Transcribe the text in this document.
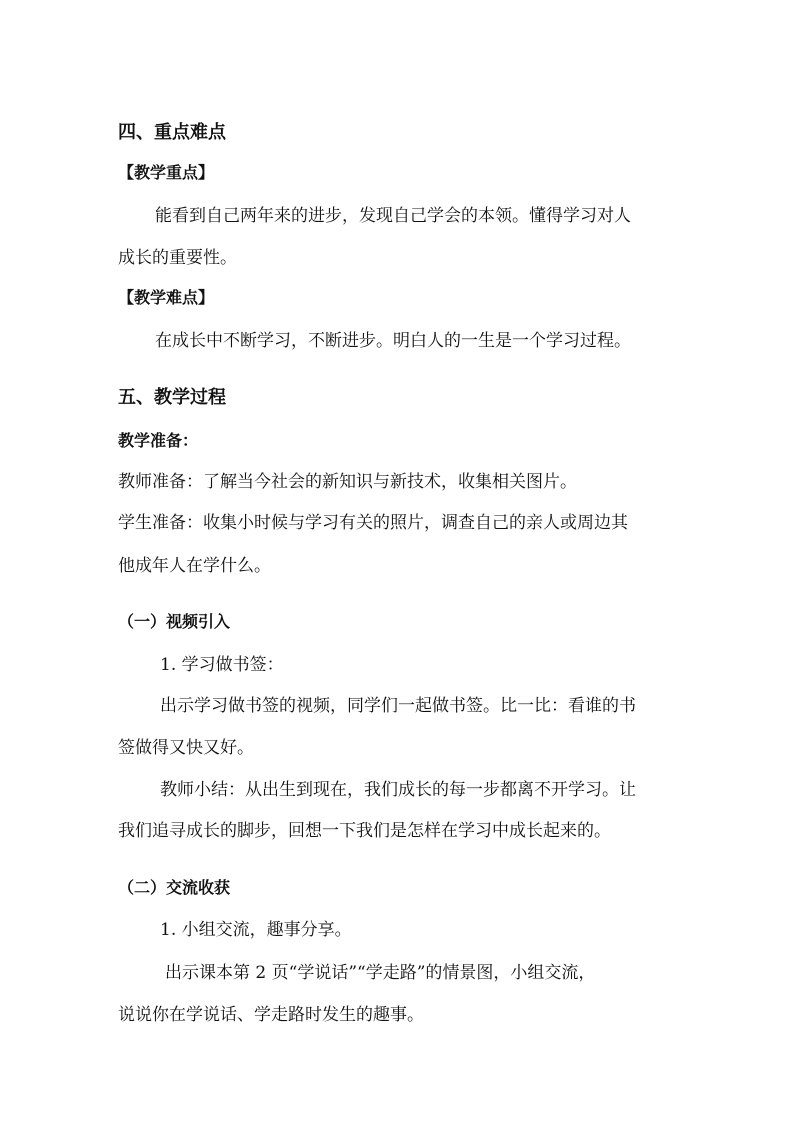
四、重点难点
【教学重点】
能看到自己两年来的进步，发现自己学会的本领。懂得学习对人
成长的重要性。
【教学难点】
在成长中不断学习，不断进步。明白人的一生是一个学习过程。
五、教学过程
教学准备：
教师准备：了解当今社会的新知识与新技术，收集相关图片。
学生准备：收集小时候与学习有关的照片，调查自己的亲人或周边其
他成年人在学什么。
（一）视频引入
1. 学习做书签：
出示学习做书签的视频，同学们一起做书签。比一比：看谁的书
签做得又快又好。
教师小结：从出生到现在，我们成长的每一步都离不开学习。让
我们追寻成长的脚步，回想一下我们是怎样在学习中成长起来的。
（二）交流收获
1. 小组交流，趣事分享。
出示课本第 2 页“学说话”“学走路”的情景图，小组交流，
说说你在学说话、学走路时发生的趣事。
